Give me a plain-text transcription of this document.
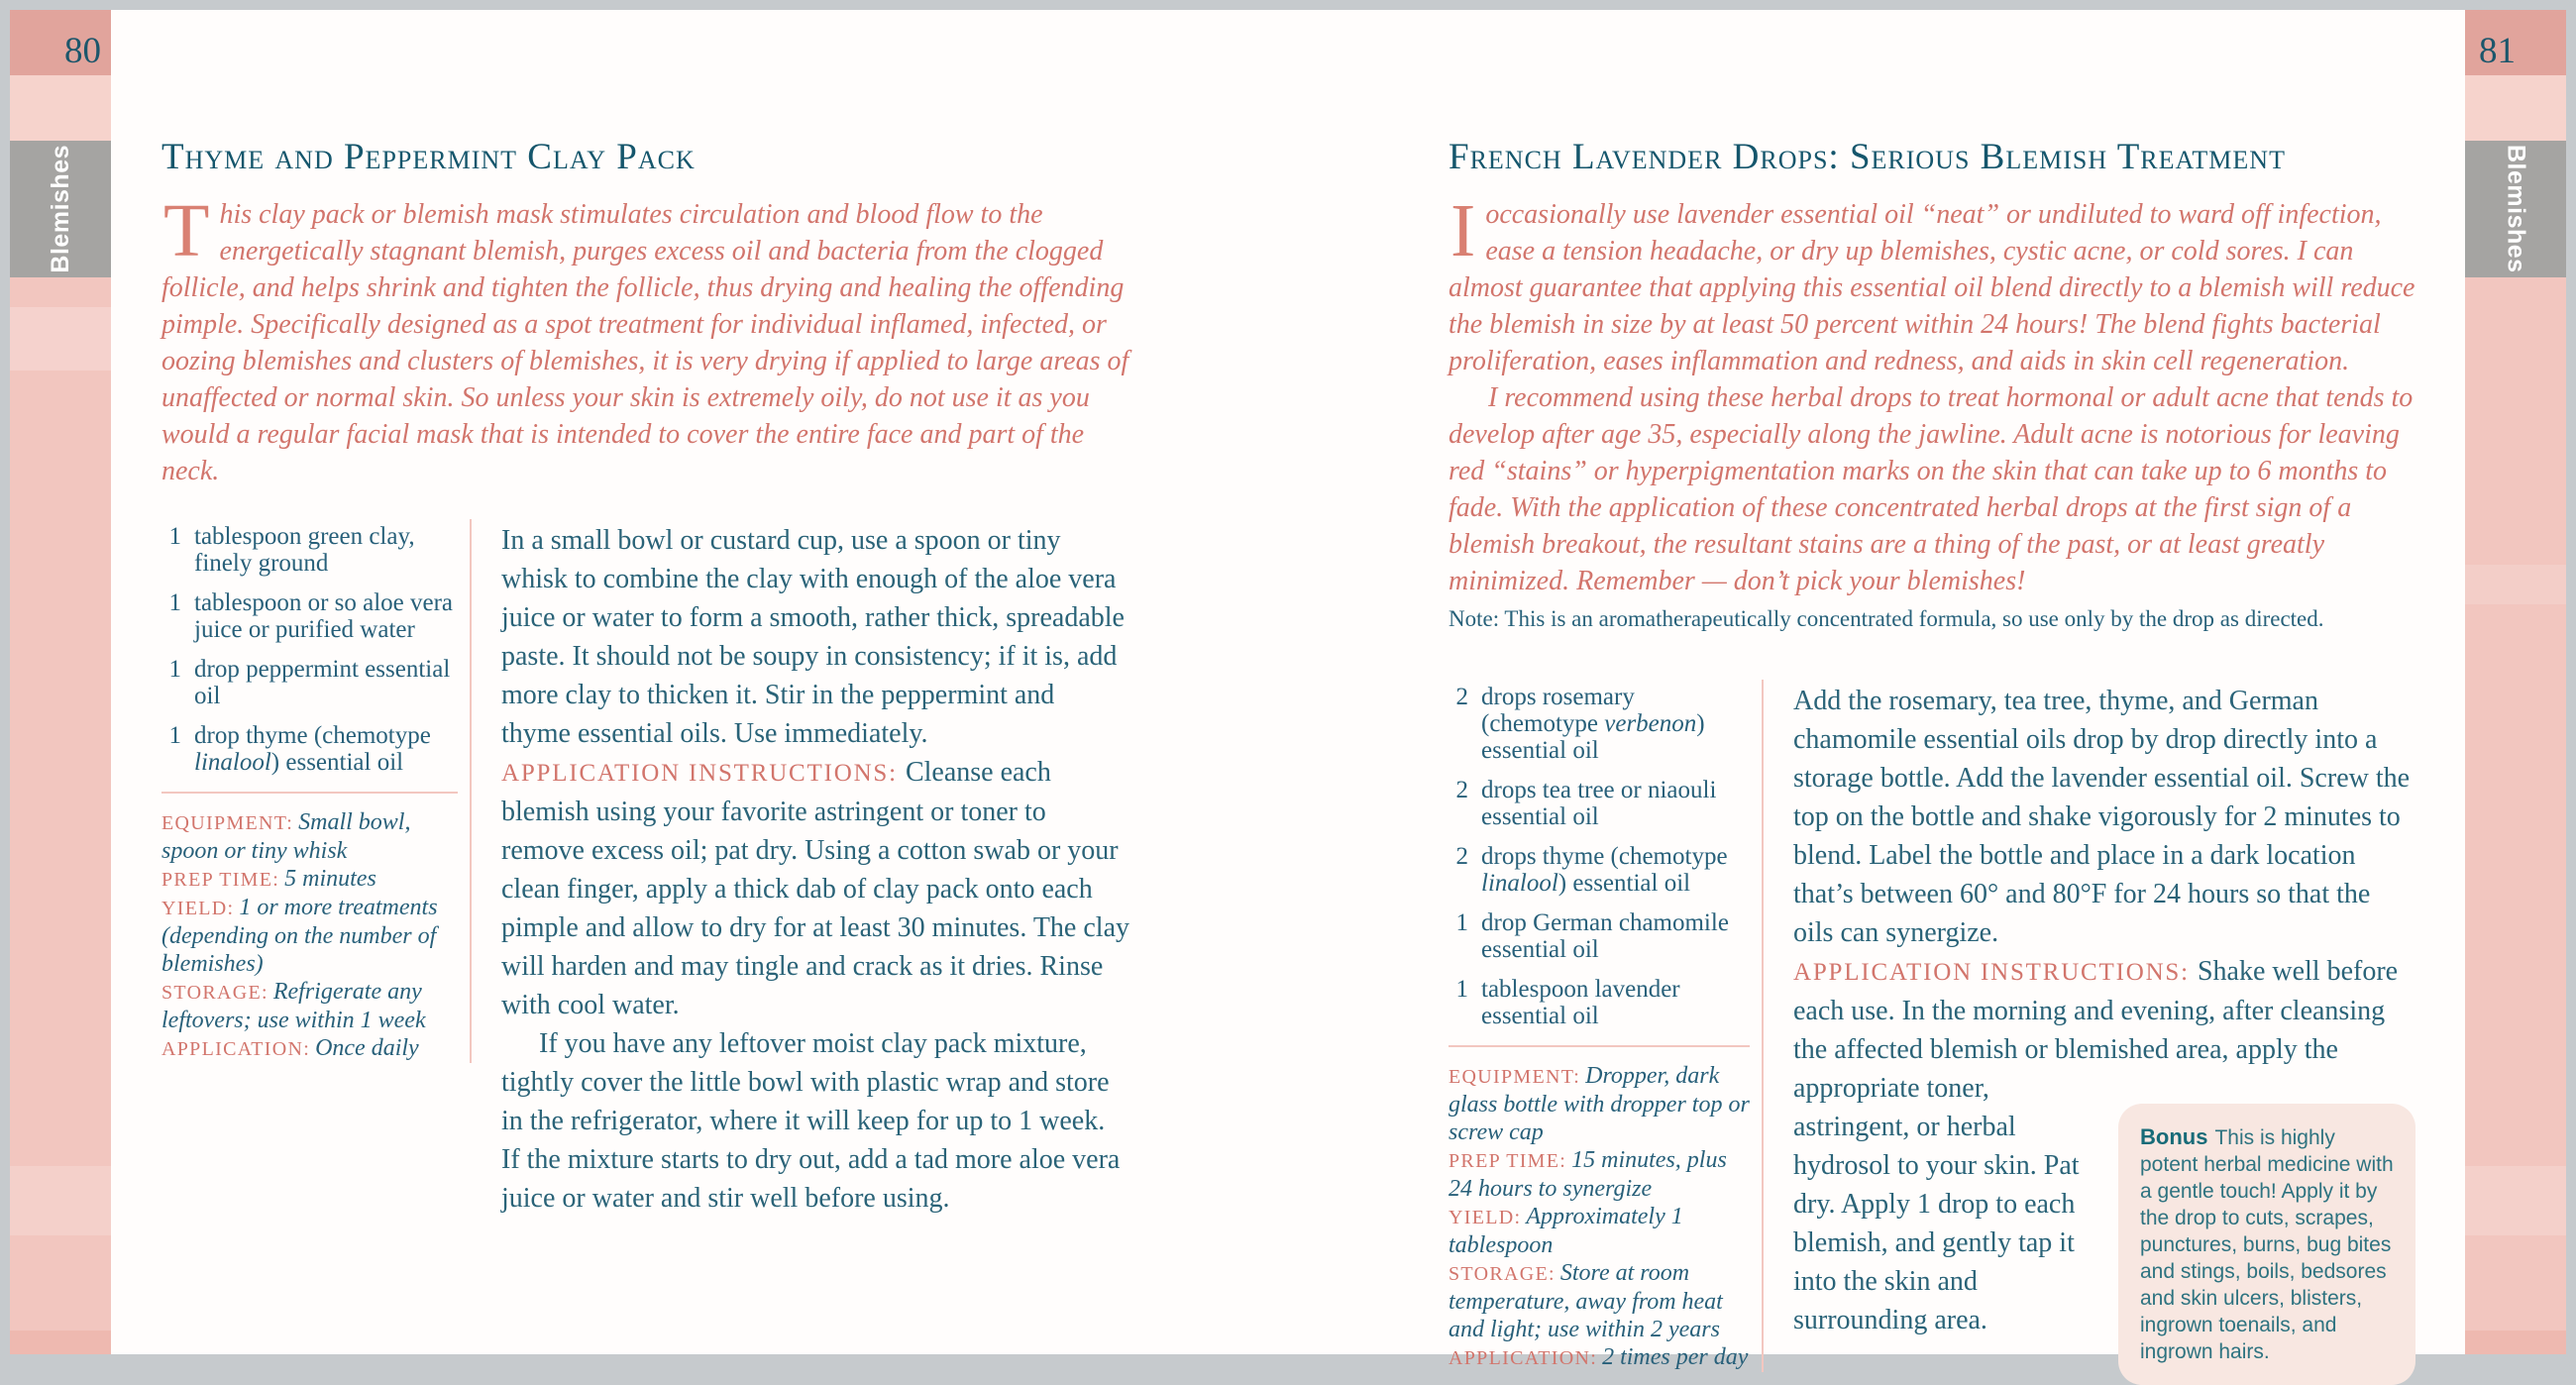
80
Blemishes
81
Blemishes
Thyme and Peppermint Clay Pack

This clay pack or blemish mask stimulates circulation and blood flow to the energetically stagnant blemish, purges excess oil and bacteria from the clogged follicle, and helps shrink and tighten the follicle, thus drying and healing the offending pimple. Specifically designed as a spot treatment for individual inflamed, infected, or oozing blemishes and clusters of blemishes, it is very drying if applied to large areas of unaffected or normal skin. So unless your skin is extremely oily, do not use it as you would a regular facial mask that is intended to cover the entire face and part of the neck.

1 tablespoon green clay, finely ground
1 tablespoon or so aloe vera juice or purified water
1 drop peppermint essential oil
1 drop thyme (chemotype linalool) essential oil
EQUIPMENT: Small bowl, spoon or tiny whisk
PREP TIME: 5 minutes
YIELD: 1 or more treatments (depending on the number of blemishes)
STORAGE: Refrigerate any leftovers; use within 1 week
APPLICATION: Once daily

In a small bowl or custard cup, use a spoon or tiny whisk to combine the clay with enough of the aloe vera juice or water to form a smooth, rather thick, spreadable paste. It should not be soupy in consistency; if it is, add more clay to thicken it. Stir in the peppermint and thyme essential oils. Use immediately.

APPLICATION INSTRUCTIONS: Cleanse each blemish using your favorite astringent or toner to remove excess oil; pat dry. Using a cotton swab or your clean finger, apply a thick dab of clay pack onto each pimple and allow to dry for at least 30 minutes. The clay will harden and may tingle and crack as it dries. Rinse with cool water.

If you have any leftover moist clay pack mixture, tightly cover the little bowl with plastic wrap and store in the refrigerator, where it will keep for up to 1 week. If the mixture starts to dry out, add a tad more aloe vera juice or water and stir well before using.

French Lavender Drops: Serious Blemish Treatment

Ioccasionally use lavender essential oil “neat” or undiluted to ward off infection, ease a tension headache, or dry up blemishes, cystic acne, or cold sores. I can almost guarantee that applying this essential oil blend directly to a blemish will reduce the blemish in size by at least 50 percent within 24 hours! The blend fights bacterial proliferation, eases inflammation and redness, and aids in skin cell regeneration.

I recommend using these herbal drops to treat hormonal or adult acne that tends to develop after age 35, especially along the jawline. Adult acne is notorious for leaving red “stains” or hyperpigmentation marks on the skin that can take up to 6 months to fade. With the application of these concentrated herbal drops at the first sign of a blemish breakout, the resultant stains are a thing of the past, or at least greatly minimized. Remember — don’t pick your blemishes!

Note: This is an aromatherapeutically concentrated formula, so use only by the drop as directed.

2 drops rosemary (chemotype verbenon) essential oil
2 drops tea tree or niaouli essential oil
2 drops thyme (chemotype linalool) essential oil
1 drop German chamomile essential oil
1 tablespoon lavender essential oil
EQUIPMENT: Dropper, dark glass bottle with dropper top or screw cap
PREP TIME: 15 minutes, plus 24 hours to synergize
YIELD: Approximately 1 tablespoon
STORAGE: Store at room temperature, away from heat and light; use within 2 years
APPLICATION: 2 times per day

Add the rosemary, tea tree, thyme, and German chamomile essential oils drop by drop directly into a storage bottle. Add the lavender essential oil. Screw the top on the bottle and shake vigorously for 2 minutes to blend. Label the bottle and place in a dark location that’s between 60° and 80°F for 24 hours so that the oils can synergize.

APPLICATION INSTRUCTIONS: Shake well before each use. In the morning and evening, after cleansing the affected blemish or blemished area, apply the appropriate toner,

astringent, or herbal hydrosol to your skin. Pat dry. Apply 1 drop to each blemish, and gently tap it into the skin and surrounding area.

Bonus This is highly potent herbal medicine with a gentle touch! Apply it by the drop to cuts, scrapes, punctures, burns, bug bites and stings, boils, bedsores and skin ulcers, blisters, ingrown toenails, and ingrown hairs.
